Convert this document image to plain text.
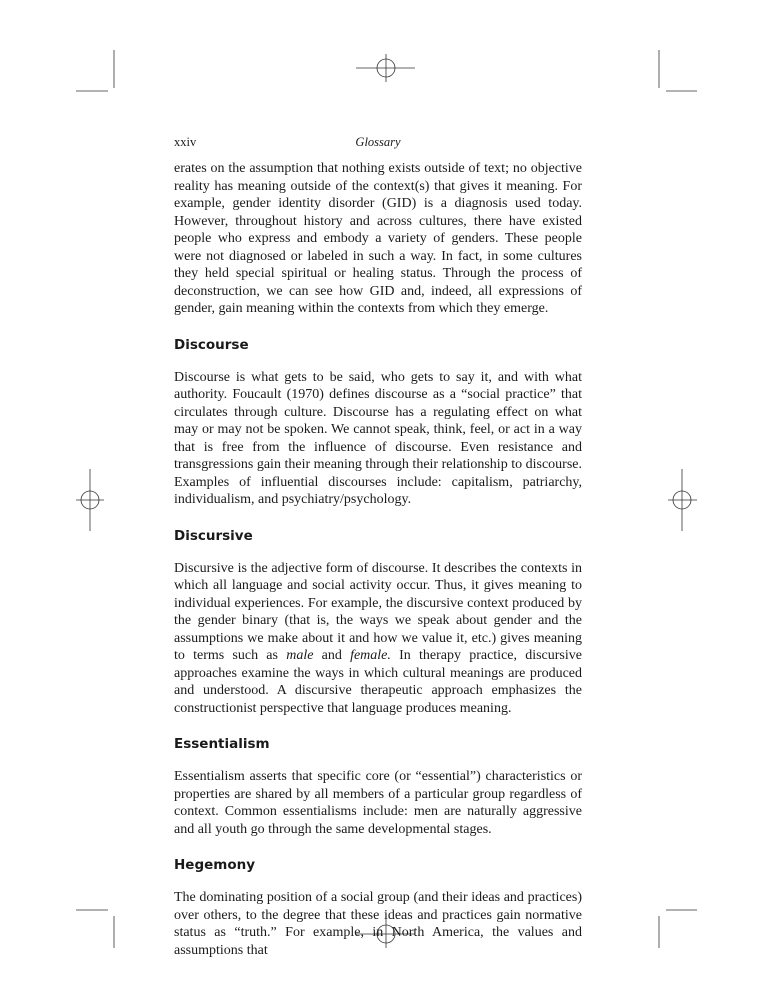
xxiv	Glossary

erates on the assumption that nothing exists outside of text; no objective reality has meaning outside of the context(s) that gives it meaning. For example, gender identity disorder (GID) is a diagnosis used today. However, throughout history and across cultures, there have existed people who express and embody a variety of genders. These people were not diagnosed or labeled in such a way. In fact, in some cultures they held special spiritual or healing status. Through the process of deconstruction, we can see how GID and, indeed, all expressions of gender, gain meaning within the contexts from which they emerge.

Discourse

Discourse is what gets to be said, who gets to say it, and with what authority. Foucault (1970) defines discourse as a “social practice” that circulates through culture. Discourse has a regulating effect on what may or may not be spoken. We cannot speak, think, feel, or act in a way that is free from the influence of discourse. Even resistance and transgressions gain their meaning through their relationship to discourse. Examples of influential discourses include: capitalism, patriarchy, individualism, and psychiatry/psychology.

Discursive

Discursive is the adjective form of discourse. It describes the contexts in which all language and social activity occur. Thus, it gives meaning to individual experiences. For example, the discursive context produced by the gender binary (that is, the ways we speak about gender and the assumptions we make about it and how we value it, etc.) gives meaning to terms such as male and female. In therapy practice, discursive approaches examine the ways in which cultural meanings are produced and understood. A discursive therapeutic approach emphasizes the constructionist perspective that language produces meaning.

Essentialism

Essentialism asserts that specific core (or “essential”) characteristics or properties are shared by all members of a particular group regardless of context. Common essentialisms include: men are naturally aggressive and all youth go through the same developmental stages.

Hegemony

The dominating position of a social group (and their ideas and practices) over others, to the degree that these ideas and practices gain normative status as “truth.” For example, in North America, the values and assumptions that
